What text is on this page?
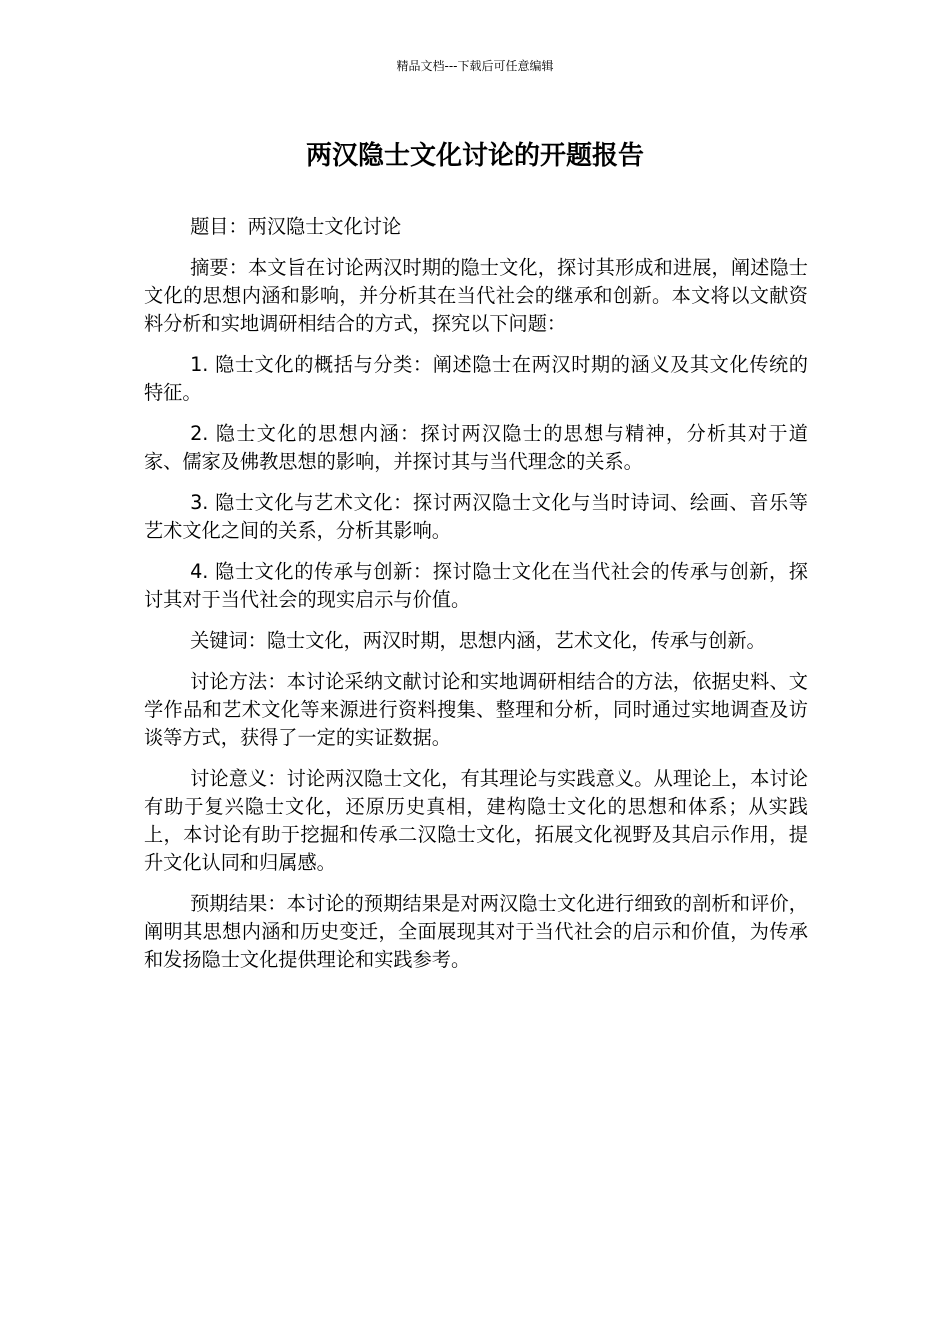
精品文档---下载后可任意编辑
两汉隐士文化讨论的开题报告

题目：两汉隐士文化讨论

摘要：本文旨在讨论两汉时期的隐士文化，探讨其形成和进展，阐述隐士文化的思想内涵和影响，并分析其在当代社会的继承和创新。本文将以文献资料分析和实地调研相结合的方式，探究以下问题：

1. 隐士文化的概括与分类：阐述隐士在两汉时期的涵义及其文化传统的特征。

2. 隐士文化的思想内涵：探讨两汉隐士的思想与精神，分析其对于道家、儒家及佛教思想的影响，并探讨其与当代理念的关系。

3. 隐士文化与艺术文化：探讨两汉隐士文化与当时诗词、绘画、音乐等艺术文化之间的关系，分析其影响。

4. 隐士文化的传承与创新：探讨隐士文化在当代社会的传承与创新，探讨其对于当代社会的现实启示与价值。

关键词：隐士文化，两汉时期，思想内涵，艺术文化，传承与创新。

讨论方法：本讨论采纳文献讨论和实地调研相结合的方法，依据史料、文学作品和艺术文化等来源进行资料搜集、整理和分析，同时通过实地调查及访谈等方式，获得了一定的实证数据。

讨论意义：讨论两汉隐士文化，有其理论与实践意义。从理论上，本讨论有助于复兴隐士文化，还原历史真相，建构隐士文化的思想和体系；从实践上，本讨论有助于挖掘和传承二汉隐士文化，拓展文化视野及其启示作用，提升文化认同和归属感。

预期结果：本讨论的预期结果是对两汉隐士文化进行细致的剖析和评价，阐明其思想内涵和历史变迁，全面展现其对于当代社会的启示和价值，为传承和发扬隐士文化提供理论和实践参考。
